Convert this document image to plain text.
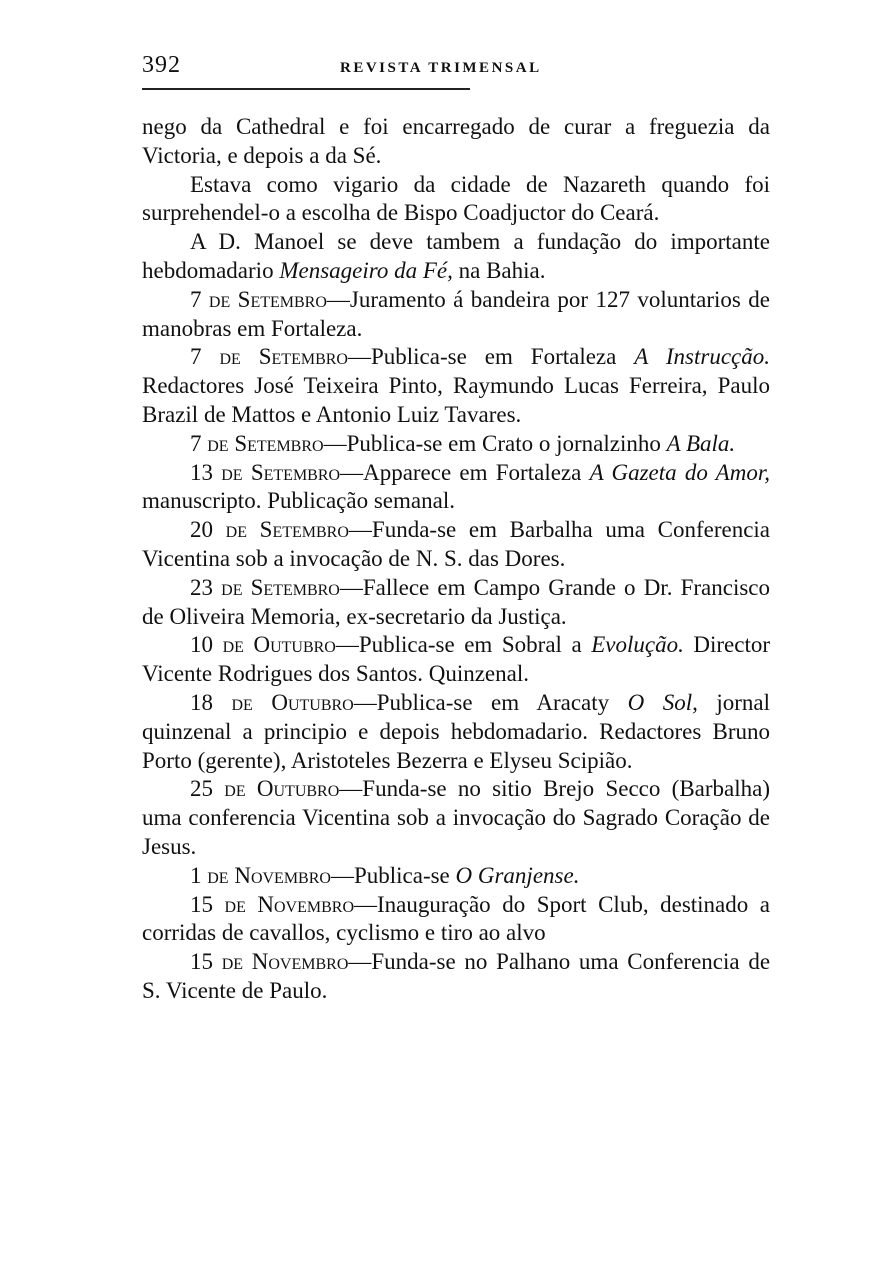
392	REVISTA TRIMENSAL

nego da Cathedral e foi encarregado de curar a freguezia da Victoria, e depois a da Sé.

Estava como vigario da cidade de Nazareth quando foi surprehendel-o a escolha de Bispo Coadjuctor do Ceará.

A D. Manoel se deve tambem a fundação do importante hebdomadario Mensageiro da Fé, na Bahia.

7 de Setembro—Juramento á bandeira por 127 voluntarios de manobras em Fortaleza.

7 de Setembro—Publica-se em Fortaleza A Instrucção. Redactores José Teixeira Pinto, Raymundo Lucas Ferreira, Paulo Brazil de Mattos e Antonio Luiz Tavares.

7 de Setembro—Publica-se em Crato o jornalzinho A Bala.

13 de Setembro—Apparece em Fortaleza A Gazeta do Amor, manuscripto. Publicação semanal.

20 de Setembro—Funda-se em Barbalha uma Conferencia Vicentina sob a invocação de N. S. das Dores.

23 de Setembro—Fallece em Campo Grande o Dr. Francisco de Oliveira Memoria, ex-secretario da Justiça.

10 de Outubro—Publica-se em Sobral a Evolução. Director Vicente Rodrigues dos Santos. Quinzenal.

18 de Outubro—Publica-se em Aracaty O Sol, jornal quinzenal a principio e depois hebdomadario. Redactores Bruno Porto (gerente), Aristoteles Bezerra e Elyseu Scipião.

25 de Outubro—Funda-se no sitio Brejo Secco (Barbalha) uma conferencia Vicentina sob a invocação do Sagrado Coração de Jesus.

1 de Novembro—Publica-se O Granjense.

15 de Novembro—Inauguração do Sport Club, destinado a corridas de cavallos, cyclismo e tiro ao alvo

15 de Novembro—Funda-se no Palhano uma Conferencia de S. Vicente de Paulo.
